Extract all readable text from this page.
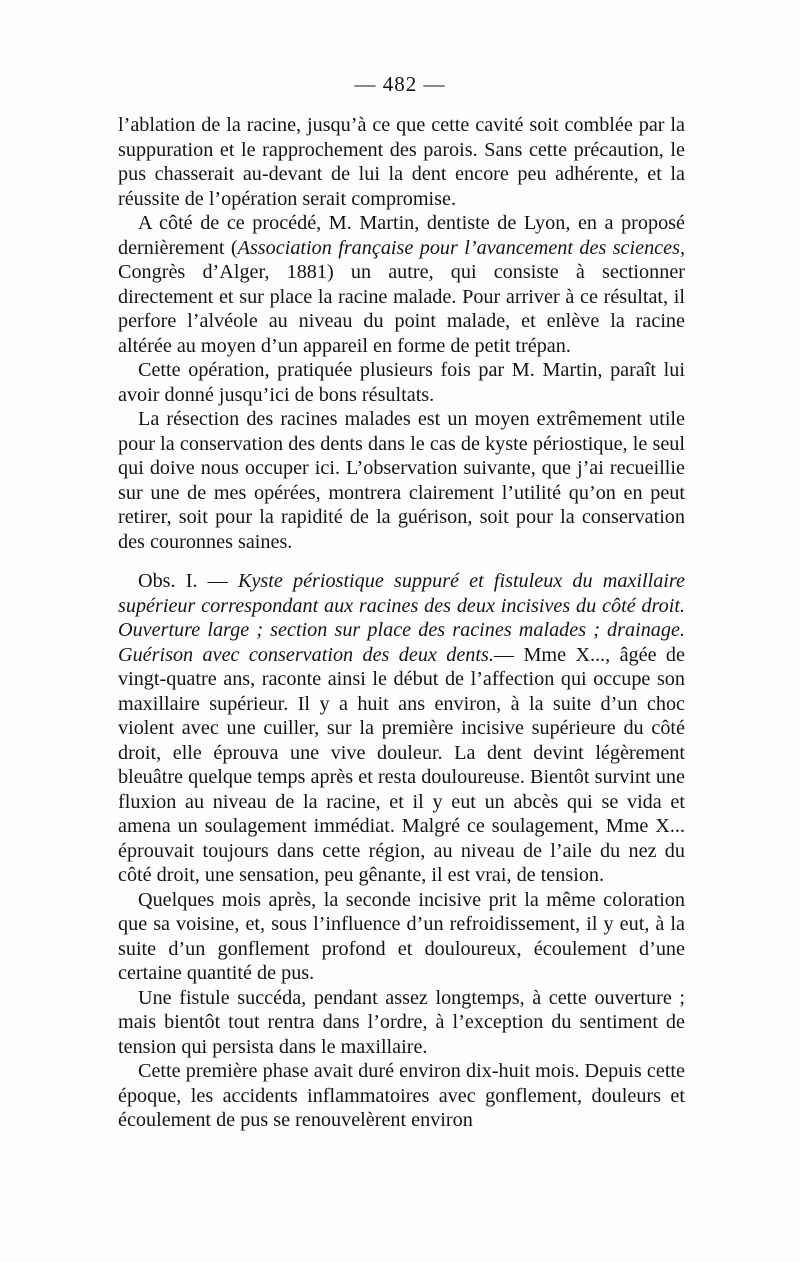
— 482 —

l’ablation de la racine, jusqu’à ce que cette cavité soit comblée par la suppuration et le rapprochement des parois. Sans cette précaution, le pus chasserait au-devant de lui la dent encore peu adhérente, et la réussite de l’opération serait compromise.

A côté de ce procédé, M. Martin, dentiste de Lyon, en a proposé dernièrement (Association française pour l’avancement des sciences, Congrès d’Alger, 1881) un autre, qui consiste à sectionner directement et sur place la racine malade. Pour arriver à ce résultat, il perfore l’alvéole au niveau du point malade, et enlève la racine altérée au moyen d’un appareil en forme de petit trépan.

Cette opération, pratiquée plusieurs fois par M. Martin, paraît lui avoir donné jusqu’ici de bons résultats.

La résection des racines malades est un moyen extrêmement utile pour la conservation des dents dans le cas de kyste périostique, le seul qui doive nous occuper ici. L’observation suivante, que j’ai recueillie sur une de mes opérées, montrera clairement l’utilité qu’on en peut retirer, soit pour la rapidité de la guérison, soit pour la conservation des couronnes saines.

Obs. I. — Kyste périostique suppuré et fistuleux du maxillaire supérieur correspondant aux racines des deux incisives du côté droit. Ouverture large ; section sur place des racines malades ; drainage. Guérison avec conservation des deux dents.— Mme X..., âgée de vingt-quatre ans, raconte ainsi le début de l’affection qui occupe son maxillaire supérieur. Il y a huit ans environ, à la suite d’un choc violent avec une cuiller, sur la première incisive supérieure du côté droit, elle éprouva une vive douleur. La dent devint légèrement bleuâtre quelque temps après et resta douloureuse. Bientôt survint une fluxion au niveau de la racine, et il y eut un abcès qui se vida et amena un soulagement immédiat. Malgré ce soulagement, Mme X... éprouvait toujours dans cette région, au niveau de l’aile du nez du côté droit, une sensation, peu gênante, il est vrai, de tension.

Quelques mois après, la seconde incisive prit la même coloration que sa voisine, et, sous l’influence d’un refroidissement, il y eut, à la suite d’un gonflement profond et douloureux, écoulement d’une certaine quantité de pus.

Une fistule succéda, pendant assez longtemps, à cette ouverture ; mais bientôt tout rentra dans l’ordre, à l’exception du sentiment de tension qui persista dans le maxillaire.

Cette première phase avait duré environ dix-huit mois. Depuis cette époque, les accidents inflammatoires avec gonflement, douleurs et écoulement de pus se renouvelèrent environ
